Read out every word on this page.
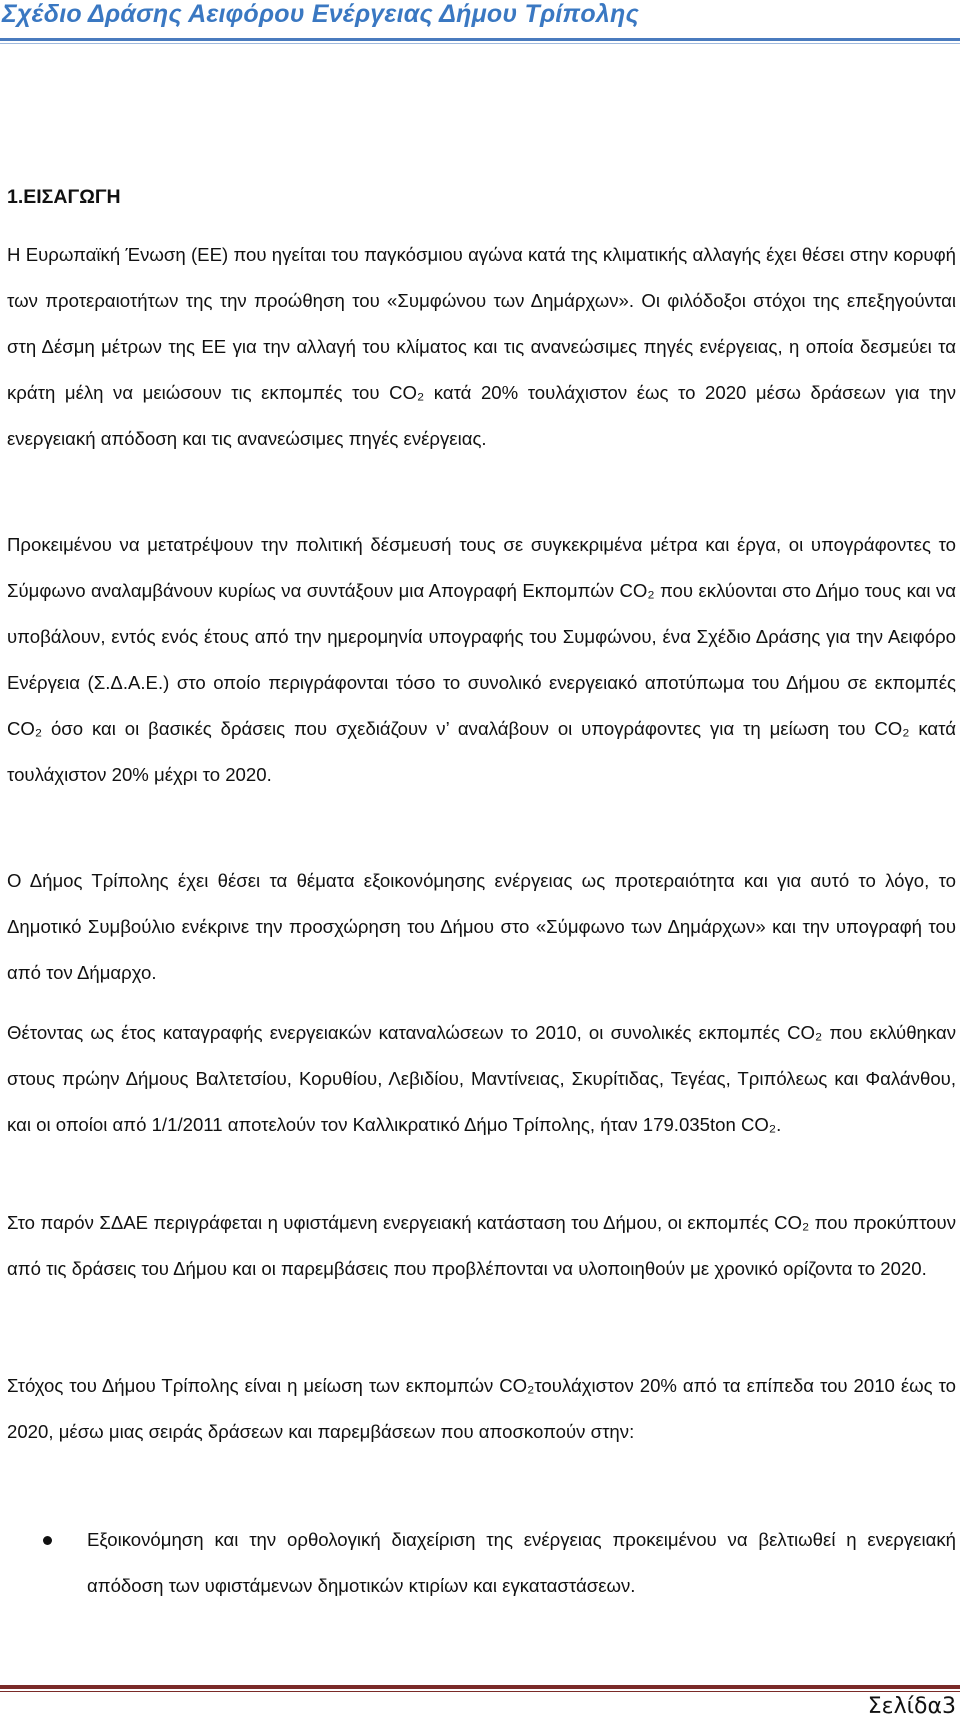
Σχέδιο Δράσης Αειφόρου Ενέργειας Δήμου Τρίπολης
1.ΕΙΣΑΓΩΓΗ

Η Ευρωπαϊκή Ένωση (ΕΕ) που ηγείται του παγκόσμιου αγώνα κατά της κλιματικής αλλαγής έχει θέσει στην κορυφή των προτεραιοτήτων της την προώθηση του «Συμφώνου των Δημάρχων». Οι φιλόδοξοι στόχοι της επεξηγούνται στη Δέσμη μέτρων της ΕΕ για την αλλαγή του κλίματος και τις ανανεώσιμες πηγές ενέργειας, η οποία δεσμεύει τα κράτη μέλη να μειώσουν τις εκπομπές του CO₂ κατά 20% τουλάχιστον έως το 2020 μέσω δράσεων για την ενεργειακή απόδοση και τις ανανεώσιμες πηγές ενέργειας.

Προκειμένου να μετατρέψουν την πολιτική δέσμευσή τους σε συγκεκριμένα μέτρα και έργα, οι υπογράφοντες το Σύμφωνο αναλαμβάνουν κυρίως να συντάξουν μια Απογραφή Εκπομπών CO₂ που εκλύονται στο Δήμο τους και να υποβάλουν, εντός ενός έτους από την ημερομηνία υπογραφής του Συμφώνου, ένα Σχέδιο Δράσης για την Αειφόρο Ενέργεια (Σ.Δ.Α.Ε.) στο οποίο περιγράφονται τόσο το συνολικό ενεργειακό αποτύπωμα του Δήμου σε εκπομπές CO₂ όσο και οι βασικές δράσεις που σχεδιάζουν ν’ αναλάβουν οι υπογράφοντες για τη μείωση του CO₂ κατά τουλάχιστον 20% μέχρι το 2020.

Ο Δήμος Τρίπολης έχει θέσει τα θέματα εξοικονόμησης ενέργειας ως προτεραιότητα και για αυτό το λόγο, το Δημοτικό Συμβούλιο ενέκρινε την προσχώρηση του Δήμου στο «Σύμφωνο των Δημάρχων» και την υπογραφή του από τον Δήμαρχο.

Θέτοντας ως έτος καταγραφής ενεργειακών καταναλώσεων το 2010, οι συνολικές εκπομπές CO₂ που εκλύθηκαν στους πρώην Δήμους Βαλτετσίου, Κορυθίου, Λεβιδίου, Μαντίνειας, Σκυρίτιδας, Τεγέας, Τριπόλεως και Φαλάνθου, και οι οποίοι από 1/1/2011 αποτελούν τον Καλλικρατικό Δήμο Τρίπολης, ήταν 179.035ton CO₂.

Στο παρόν ΣΔΑΕ περιγράφεται η υφιστάμενη ενεργειακή κατάσταση του Δήμου, οι εκπομπές CO₂ που προκύπτουν από τις δράσεις του Δήμου και οι παρεμβάσεις που προβλέπονται να υλοποιηθούν με χρονικό ορίζοντα το 2020.

Στόχος του Δήμου Τρίπολης είναι η μείωση των εκπομπών CO₂τουλάχιστον 20% από τα επίπεδα του 2010 έως το 2020, μέσω μιας σειράς δράσεων και παρεμβάσεων που αποσκοπούν στην:

Εξοικονόμηση και την ορθολογική διαχείριση της ενέργειας προκειμένου να βελτιωθεί η ενεργειακή απόδοση των υφιστάμενων δημοτικών κτιρίων και εγκαταστάσεων.
Σελίδα3
